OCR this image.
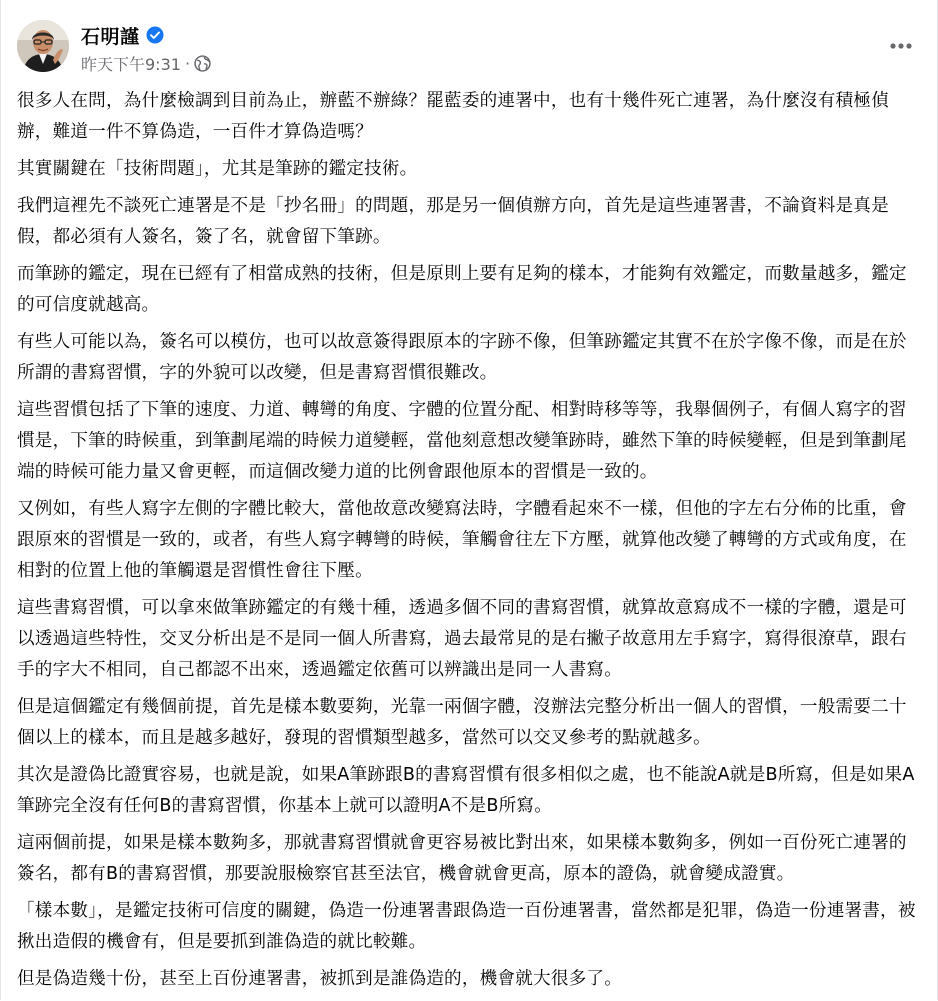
石明謹
昨天下午9:31 ·

很多人在問，為什麼檢調到目前為止，辦藍不辦綠？罷藍委的連署中，也有十幾件死亡連署，為什麼沒有積極偵辦，難道一件不算偽造，一百件才算偽造嗎？

其實關鍵在「技術問題」，尤其是筆跡的鑑定技術。

我們這裡先不談死亡連署是不是「抄名冊」的問題，那是另一個偵辦方向，首先是這些連署書，不論資料是真是假，都必須有人簽名，簽了名，就會留下筆跡。

而筆跡的鑑定，現在已經有了相當成熟的技術，但是原則上要有足夠的樣本，才能夠有效鑑定，而數量越多，鑑定的可信度就越高。

有些人可能以為，簽名可以模仿，也可以故意簽得跟原本的字跡不像，但筆跡鑑定其實不在於字像不像，而是在於所謂的書寫習慣，字的外貌可以改變，但是書寫習慣很難改。

這些習慣包括了下筆的速度、力道、轉彎的角度、字體的位置分配、相對時移等等，我舉個例子，有個人寫字的習慣是，下筆的時候重，到筆劃尾端的時候力道變輕，當他刻意想改變筆跡時，雖然下筆的時候變輕，但是到筆劃尾端的時候可能力量又會更輕，而這個改變力道的比例會跟他原本的習慣是一致的。

又例如，有些人寫字左側的字體比較大，當他故意改變寫法時，字體看起來不一樣，但他的字左右分佈的比重，會跟原來的習慣是一致的，或者，有些人寫字轉彎的時候，筆觸會往左下方壓，就算他改變了轉彎的方式或角度，在相對的位置上他的筆觸還是習慣性會往下壓。

這些書寫習慣，可以拿來做筆跡鑑定的有幾十種，透過多個不同的書寫習慣，就算故意寫成不一樣的字體，還是可以透過這些特性，交叉分析出是不是同一個人所書寫，過去最常見的是右撇子故意用左手寫字，寫得很潦草，跟右手的字大不相同，自己都認不出來，透過鑑定依舊可以辨識出是同一人書寫。

但是這個鑑定有幾個前提，首先是樣本數要夠，光靠一兩個字體，沒辦法完整分析出一個人的習慣，一般需要二十個以上的樣本，而且是越多越好，發現的習慣類型越多，當然可以交叉參考的點就越多。

其次是證偽比證實容易，也就是說，如果A筆跡跟B的書寫習慣有很多相似之處，也不能說A就是B所寫，但是如果A筆跡完全沒有任何B的書寫習慣，你基本上就可以證明A不是B所寫。

這兩個前提，如果是樣本數夠多，那就書寫習慣就會更容易被比對出來，如果樣本數夠多，例如一百份死亡連署的簽名，都有B的書寫習慣，那要說服檢察官甚至法官，機會就會更高，原本的證偽，就會變成證實。

「樣本數」，是鑑定技術可信度的關鍵，偽造一份連署書跟偽造一百份連署書，當然都是犯罪，偽造一份連署書，被揪出造假的機會有，但是要抓到誰偽造的就比較難。

但是偽造幾十份，甚至上百份連署書，被抓到是誰偽造的，機會就大很多了。
